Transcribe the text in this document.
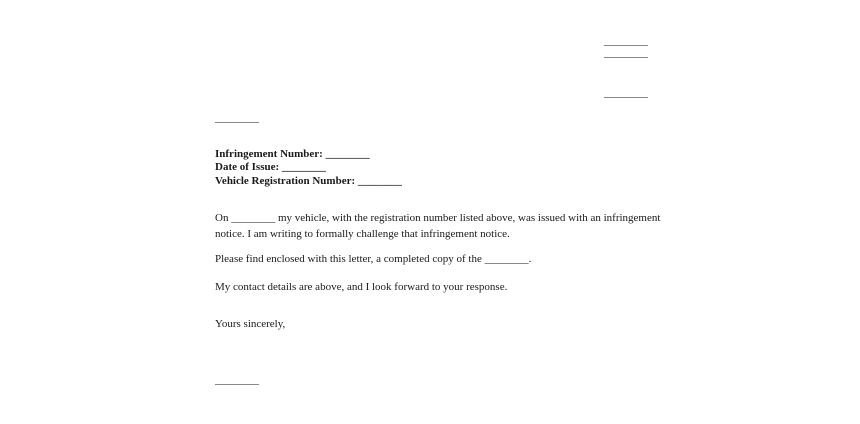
________
________
________
________
Infringement Number: ________
Date of Issue: ________
Vehicle Registration Number: ________
On ________ my vehicle, with the registration number listed above, was issued with an infringement notice. I am writing to formally challenge that infringement notice.
Please find enclosed with this letter, a completed copy of the ________.
My contact details are above, and I look forward to your response.
Yours sincerely,
________
